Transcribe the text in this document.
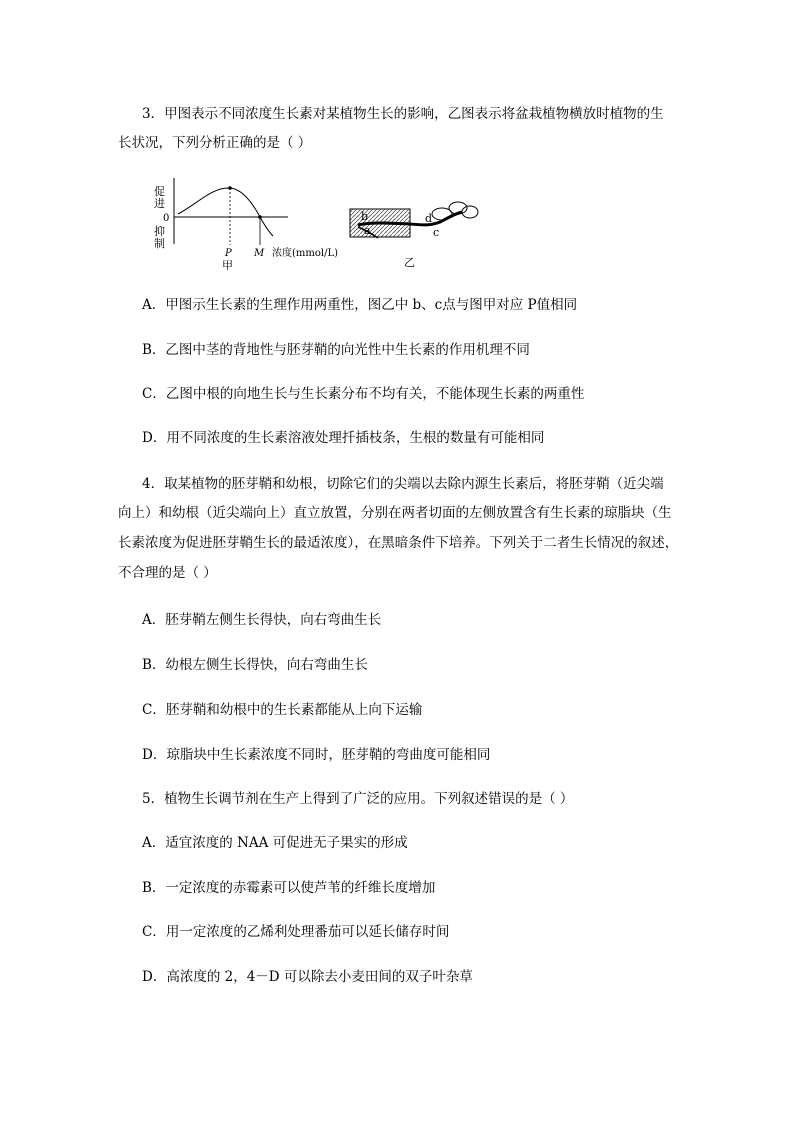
3．甲图表示不同浓度生长素对某植物生长的影响，乙图表示将盆栽植物横放时植物的生
长状况，下列分析正确的是（ ）
促
进
0
抑
制
P M 浓度(mmol/L)
甲
b
a	c
d
乙
A．甲图示生长素的生理作用两重性，图乙中 b、c点与图甲对应 P值相同
B．乙图中茎的背地性与胚芽鞘的向光性中生长素的作用机理不同
C．乙图中根的向地生长与生长素分布不均有关，不能体现生长素的两重性
D．用不同浓度的生长素溶液处理扦插枝条，生根的数量有可能相同
4．取某植物的胚芽鞘和幼根，切除它们的尖端以去除内源生长素后，将胚芽鞘（近尖端
向上）和幼根（近尖端向上）直立放置，分别在两者切面的左侧放置含有生长素的琼脂块（生
长素浓度为促进胚芽鞘生长的最适浓度），在黑暗条件下培养。下列关于二者生长情况的叙述，
不合理的是（ ）
A．胚芽鞘左侧生长得快，向右弯曲生长
B．幼根左侧生长得快，向右弯曲生长
C．胚芽鞘和幼根中的生长素都能从上向下运输
D．琼脂块中生长素浓度不同时，胚芽鞘的弯曲度可能相同
5．植物生长调节剂在生产上得到了广泛的应用。下列叙述错误的是（ ）
A．适宜浓度的 NAA 可促进无子果实的形成
B．一定浓度的赤霉素可以使芦苇的纤维长度增加
C．用一定浓度的乙烯利处理番茄可以延长储存时间
D．高浓度的 2，4－D 可以除去小麦田间的双子叶杂草
